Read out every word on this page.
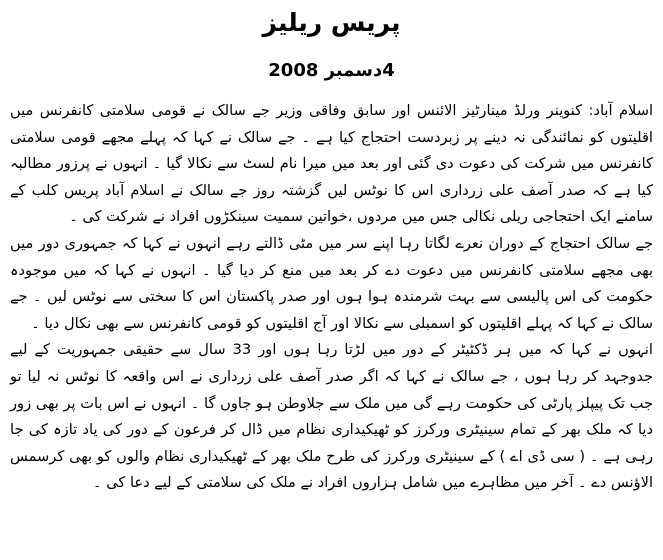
پریس ریلیز
4دسمبر 2008

اسلام آباد: کنوینر ورلڈ مینارٹیز الائنس اور سابق وفاقی وزیر جے سالک نے قومی سلامتی کانفرنس میں اقلیتوں کو نمائندگی نہ دینے پر زبردست احتجاج کیا ہے ۔ جے سالک نے کہا کہ پہلے مجھے قومی سلامتی کانفرنس میں شرکت کی دعوت دی گئی اور بعد میں میرا نام لسٹ سے نکالا گیا ۔ انہوں نے پرزور مطالبہ کیا ہے کہ صدر آصف علی زرداری اس کا نوٹس لیں گزشتہ روز جے سالک نے اسلام آباد پریس کلب کے سامنے ایک احتجاجی ریلی نکالی جس میں مردوں ،خواتین سمیت سینکڑوں افراد نے شرکت کی ۔

جے سالک احتجاج کے دوران نعرے لگاتا رہا اپنے سر میں مٹی ڈالتے رہے انہوں نے کہا کہ جمہوری دور میں بھی مجھے سلامتی کانفرنس میں دعوت دے کر بعد میں منع کر دیا گیا ۔ انہوں نے کہا کہ میں موجودہ حکومت کی اس پالیسی سے بہت شرمندہ ہوا ہوں اور صدر پاکستان اس کا سختی سے نوٹس لیں ۔ جے سالک نے کہا کہ پہلے اقلیتوں کو اسمبلی سے نکالا اور آج اقلیتوں کو قومی کانفرنس سے بھی نکال دیا ۔

انہوں نے کہا کہ میں ہر ڈکٹیٹر کے دور میں لڑتا رہا ہوں اور 33 سال سے حقیقی جمہوریت کے لیے جدوجہد کر رہا ہوں ، جے سالک نے کہا کہ اگر صدر آصف علی زرداری نے اس واقعہ کا نوٹس نہ لیا تو جب تک پیپلز پارٹی کی حکومت رہے گی میں ملک سے جلاوطن ہو جاوں گا ۔ انہوں نے اس بات پر بھی زور دیا کہ ملک بھر کے تمام سینیٹری ورکرز کو ٹھیکیداری نظام میں ڈال کر فرعون کے دور کی یاد تازہ کی جا رہی ہے ۔ ( سی ڈی اے ) کے سینیٹری ورکرز کی طرح ملک بھر کے ٹھیکیداری نظام والوں کو بھی کرسمس الاؤنس دے ۔ آخر میں مظاہرے میں شامل ہزاروں افراد نے ملک کی سلامتی کے لیے دعا کی ۔
